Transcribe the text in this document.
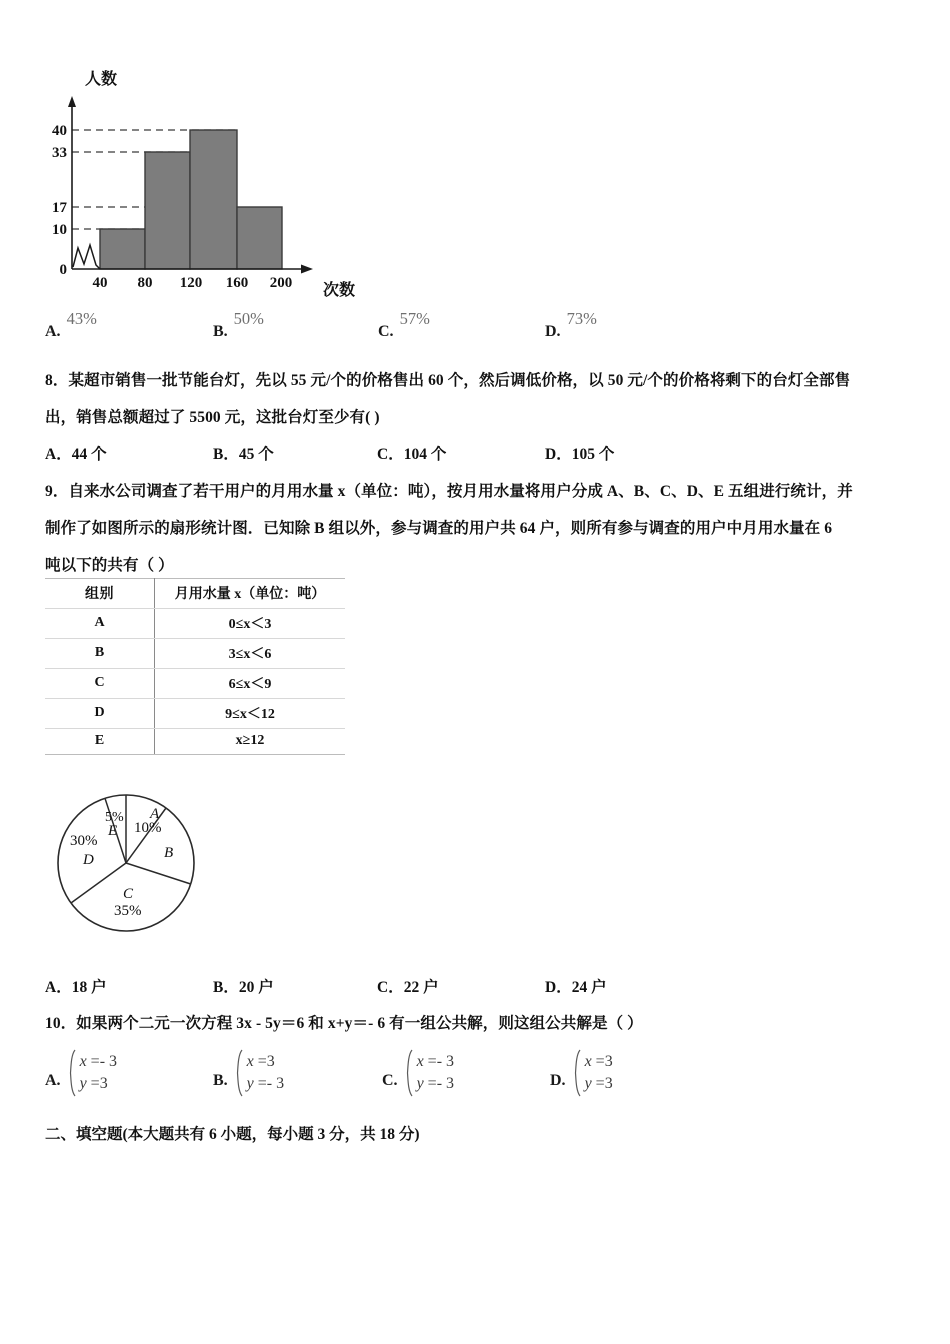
40
33
17
10
0
40 80 120 160 200
人数
次数
A.43%
B.50%
C.57%
D.73%
8．某超市销售一批节能台灯，先以 55 元/个的价格售出 60 个，然后调低价格，以 50 元/个的价格将剩下的台灯全部售
出，销售总额超过了 5500 元，这批台灯至少有( )
A．44 个	B．45 个	C．104 个	D．105 个
9．自来水公司调查了若干用户的月用水量 x（单位：吨），按月用水量将用户分成 A、B、C、D、E 五组进行统计，并
制作了如图所示的扇形统计图．已知除 B 组以外，参与调查的用户共 64 户，则所有参与调查的用户中月用水量在 6
吨以下的共有（ ）
组别	月用水量 x（单位：吨）
A	0≤x＜3
B	3≤x＜6
C	6≤x＜9
D	9≤x＜12
E	x≥12
A
10%
B
C
35%
30%
D
5%
E
A．18 户	B．20 户	C．22 户	D．24 户
10．如果两个二元一次方程 3x - 5y＝6 和 x+y＝- 6 有一组公共解，则这组公共解是（ ）
A.
x =- 3
y =3	B.
x =3
y =- 3	C.
x =- 3
y =- 3	D.
x =3
y =3
二、填空题(本大题共有 6 小题，每小题 3 分，共 18 分)
